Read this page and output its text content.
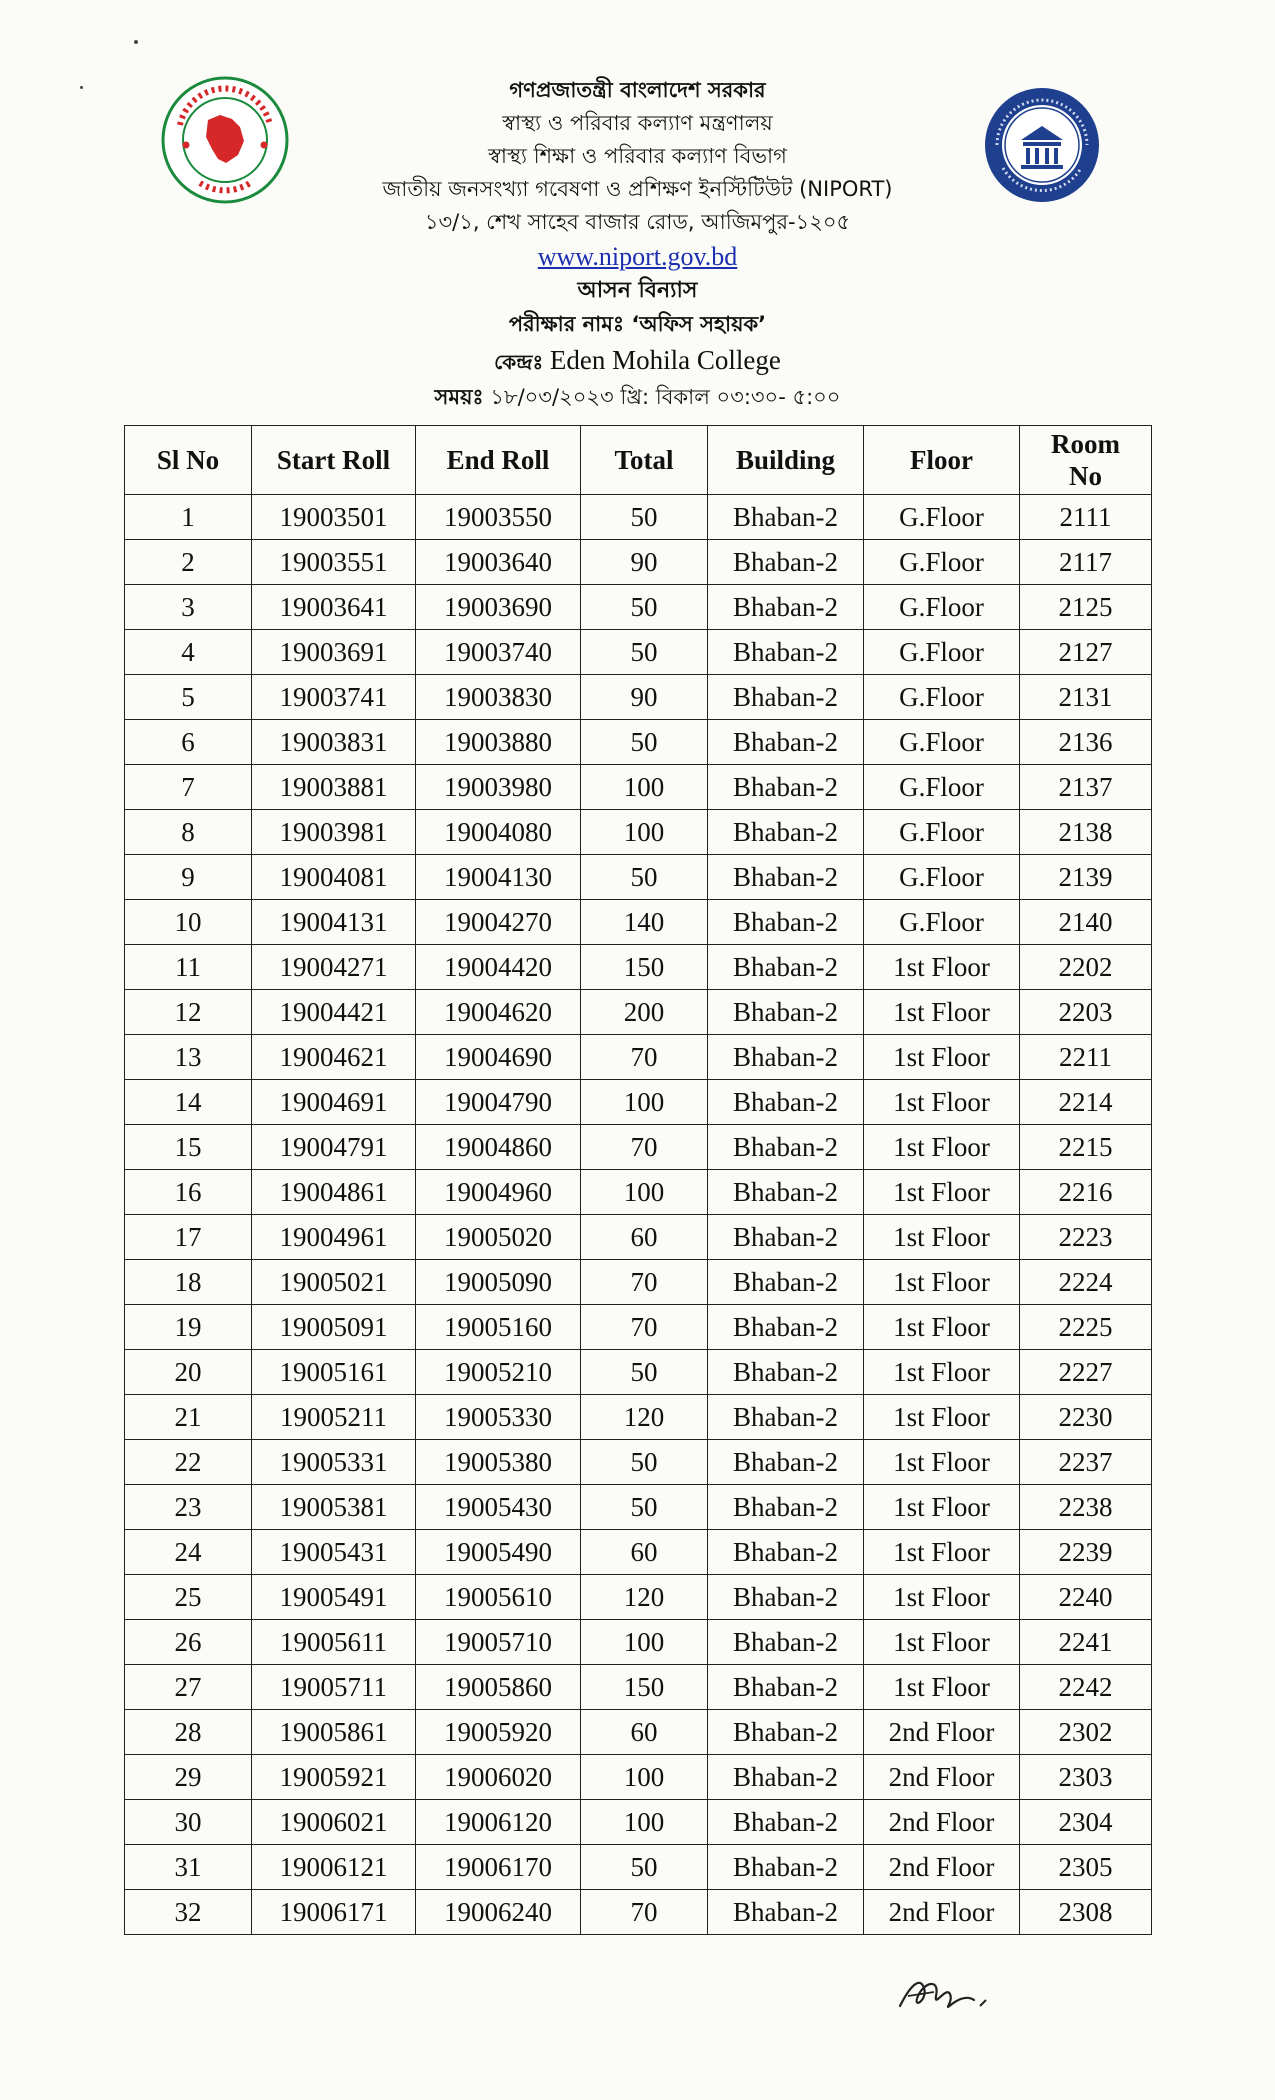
গণপ্রজাতন্ত্রী বাংলাদেশ সরকার
স্বাস্থ্য ও পরিবার কল্যাণ মন্ত্রণালয়
স্বাস্থ্য শিক্ষা ও পরিবার কল্যাণ বিভাগ
জাতীয় জনসংখ্যা গবেষণা ও প্রশিক্ষণ ইনস্টিটিউট (NIPORT)
১৩/১, শেখ সাহেব বাজার রোড, আজিমপুর-১২০৫
www.niport.gov.bd
আসন বিন্যাস
পরীক্ষার নামঃ ‘অফিস সহায়ক’
কেন্দ্রঃ Eden Mohila College
সময়ঃ ১৮/০৩/২০২৩ খ্রি: বিকাল ০৩:৩০- ৫:০০
Sl No	Start Roll	End Roll	Total	Building	Floor	Room No
1	19003501	19003550	50	Bhaban-2	G.Floor	2111
2	19003551	19003640	90	Bhaban-2	G.Floor	2117
3	19003641	19003690	50	Bhaban-2	G.Floor	2125
4	19003691	19003740	50	Bhaban-2	G.Floor	2127
5	19003741	19003830	90	Bhaban-2	G.Floor	2131
6	19003831	19003880	50	Bhaban-2	G.Floor	2136
7	19003881	19003980	100	Bhaban-2	G.Floor	2137
8	19003981	19004080	100	Bhaban-2	G.Floor	2138
9	19004081	19004130	50	Bhaban-2	G.Floor	2139
10	19004131	19004270	140	Bhaban-2	G.Floor	2140
11	19004271	19004420	150	Bhaban-2	1st Floor	2202
12	19004421	19004620	200	Bhaban-2	1st Floor	2203
13	19004621	19004690	70	Bhaban-2	1st Floor	2211
14	19004691	19004790	100	Bhaban-2	1st Floor	2214
15	19004791	19004860	70	Bhaban-2	1st Floor	2215
16	19004861	19004960	100	Bhaban-2	1st Floor	2216
17	19004961	19005020	60	Bhaban-2	1st Floor	2223
18	19005021	19005090	70	Bhaban-2	1st Floor	2224
19	19005091	19005160	70	Bhaban-2	1st Floor	2225
20	19005161	19005210	50	Bhaban-2	1st Floor	2227
21	19005211	19005330	120	Bhaban-2	1st Floor	2230
22	19005331	19005380	50	Bhaban-2	1st Floor	2237
23	19005381	19005430	50	Bhaban-2	1st Floor	2238
24	19005431	19005490	60	Bhaban-2	1st Floor	2239
25	19005491	19005610	120	Bhaban-2	1st Floor	2240
26	19005611	19005710	100	Bhaban-2	1st Floor	2241
27	19005711	19005860	150	Bhaban-2	1st Floor	2242
28	19005861	19005920	60	Bhaban-2	2nd Floor	2302
29	19005921	19006020	100	Bhaban-2	2nd Floor	2303
30	19006021	19006120	100	Bhaban-2	2nd Floor	2304
31	19006121	19006170	50	Bhaban-2	2nd Floor	2305
32	19006171	19006240	70	Bhaban-2	2nd Floor	2308
